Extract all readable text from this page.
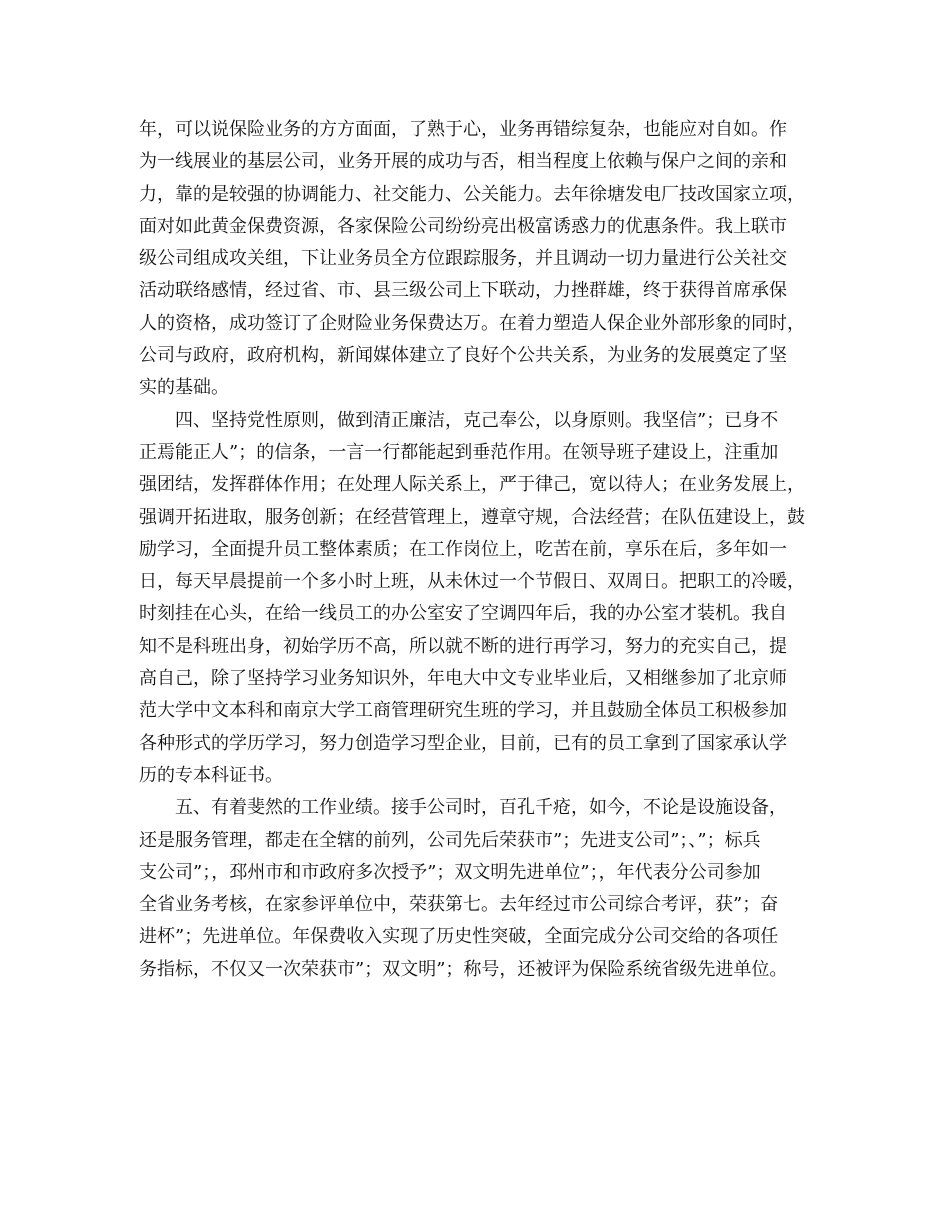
年，可以说保险业务的方方面面，了熟于心，业务再错综复杂，也能应对自如。作
为一线展业的基层公司，业务开展的成功与否，相当程度上依赖与保户之间的亲和
力，靠的是较强的协调能力、社交能力、公关能力。去年徐塘发电厂技改国家立项，
面对如此黄金保费资源，各家保险公司纷纷亮出极富诱惑力的优惠条件。我上联市
级公司组成攻关组，下让业务员全方位跟踪服务，并且调动一切力量进行公关社交
活动联络感情，经过省、市、县三级公司上下联动，力挫群雄，终于获得首席承保
人的资格，成功签订了企财险业务保费达万。在着力塑造人保企业外部形象的同时，
公司与政府，政府机构，新闻媒体建立了良好个公共关系，为业务的发展奠定了坚
实的基础。
　　四、坚持党性原则，做到清正廉洁，克己奉公，以身原则。我坚信”；已身不
正焉能正人”；的信条，一言一行都能起到垂范作用。在领导班子建设上，注重加
强团结，发挥群体作用；在处理人际关系上，严于律己，宽以待人；在业务发展上，
强调开拓进取，服务创新；在经营管理上，遵章守规，合法经营；在队伍建设上，鼓
励学习，全面提升员工整体素质；在工作岗位上，吃苦在前，享乐在后，多年如一
日，每天早晨提前一个多小时上班，从未休过一个节假日、双周日。把职工的冷暖，
时刻挂在心头，在给一线员工的办公室安了空调四年后，我的办公室才装机。我自
知不是科班出身，初始学历不高，所以就不断的进行再学习，努力的充实自己，提
高自己，除了坚持学习业务知识外，年电大中文专业毕业后，又相继参加了北京师
范大学中文本科和南京大学工商管理研究生班的学习，并且鼓励全体员工积极参加
各种形式的学历学习，努力创造学习型企业，目前，已有的员工拿到了国家承认学
历的专本科证书。
　　五、有着斐然的工作业绩。接手公司时，百孔千疮，如今，不论是设施设备，
还是服务管理，都走在全辖的前列，公司先后荣获市”；先进支公司”；、”；标兵
支公司”；，邳州市和市政府多次授予”；双文明先进单位”；，年代表分公司参加
全省业务考核，在家参评单位中，荣获第七。去年经过市公司综合考评，获”；奋
进杯”；先进单位。年保费收入实现了历史性突破，全面完成分公司交给的各项任
务指标，不仅又一次荣获市”；双文明”；称号，还被评为保险系统省级先进单位。
